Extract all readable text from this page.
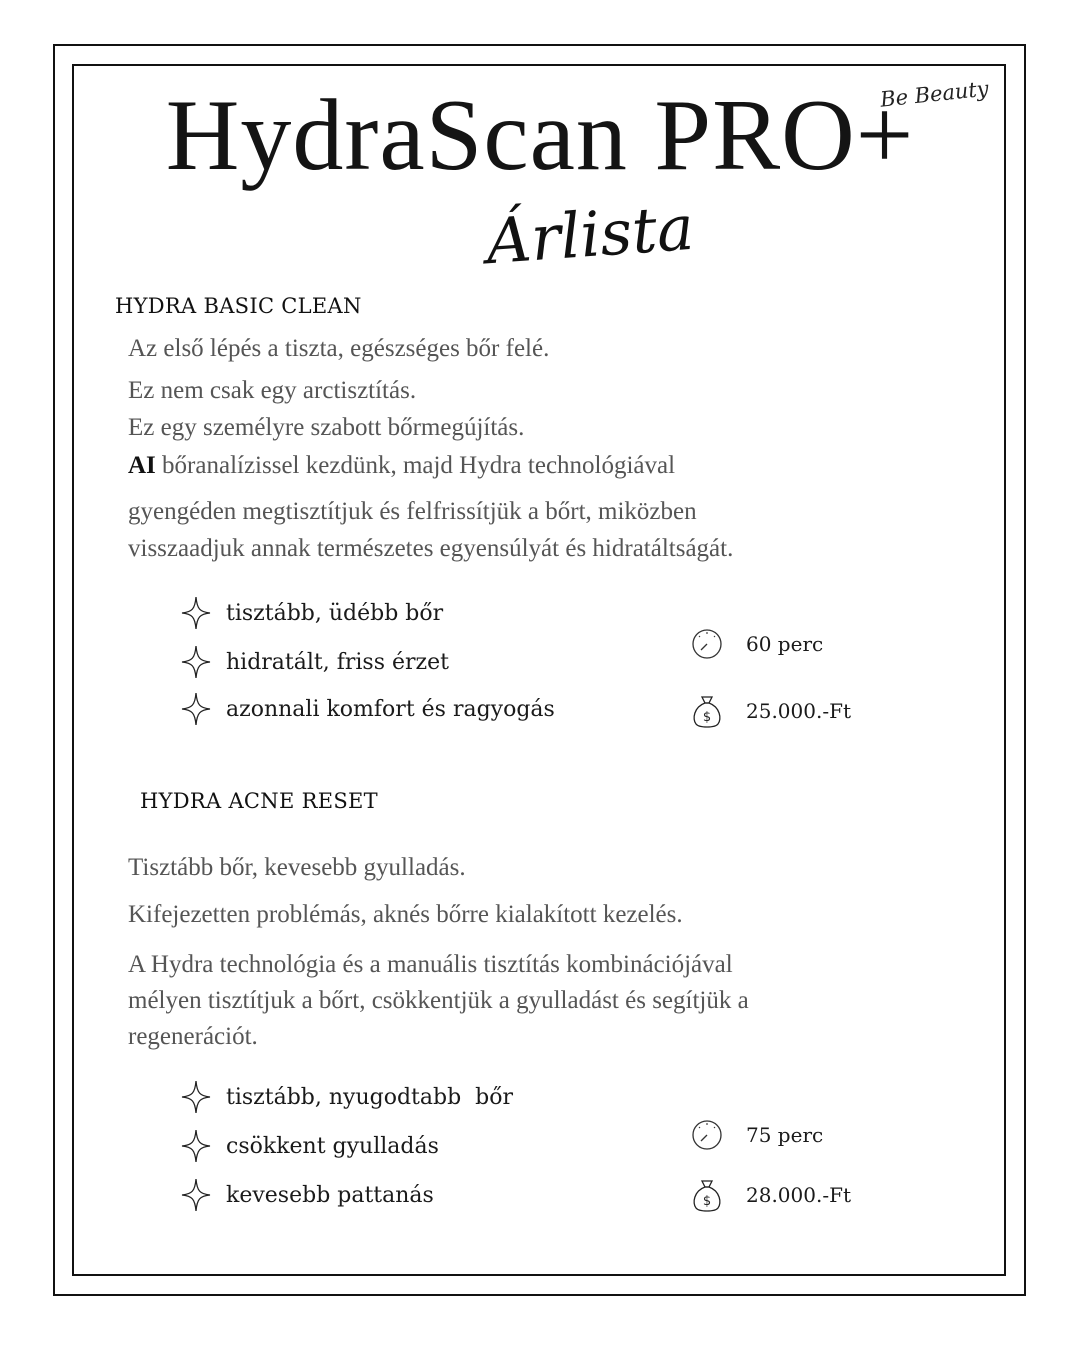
Be Beauty
HydraScan PRO+
Árlista
HYDRA BASIC CLEAN
Az első lépés a tiszta, egészséges bőr felé.
Ez nem csak egy arctisztítás.
Ez egy személyre szabott bőrmegújítás.
AI bőranalízissel kezdünk, majd Hydra technológiával
gyengéden megtisztítjuk és felfrissítjük a bőrt, miközben
visszaadjuk annak természetes egyensúlyát és hidratáltságát.
tisztább, üdébb bőr
hidratált, friss érzet
azonnali komfort és ragyogás
60 perc
$ 25.000.-Ft
HYDRA ACNE RESET
Tisztább bőr, kevesebb gyulladás.
Kifejezetten problémás, aknés bőrre kialakított kezelés.
A Hydra technológia és a manuális tisztítás kombinációjával
mélyen tisztítjuk a bőrt, csökkentjük a gyulladást és segítjük a
regenerációt.
tisztább, nyugodtabb  bőr
csökkent gyulladás
kevesebb pattanás
75 perc
$ 28.000.-Ft
